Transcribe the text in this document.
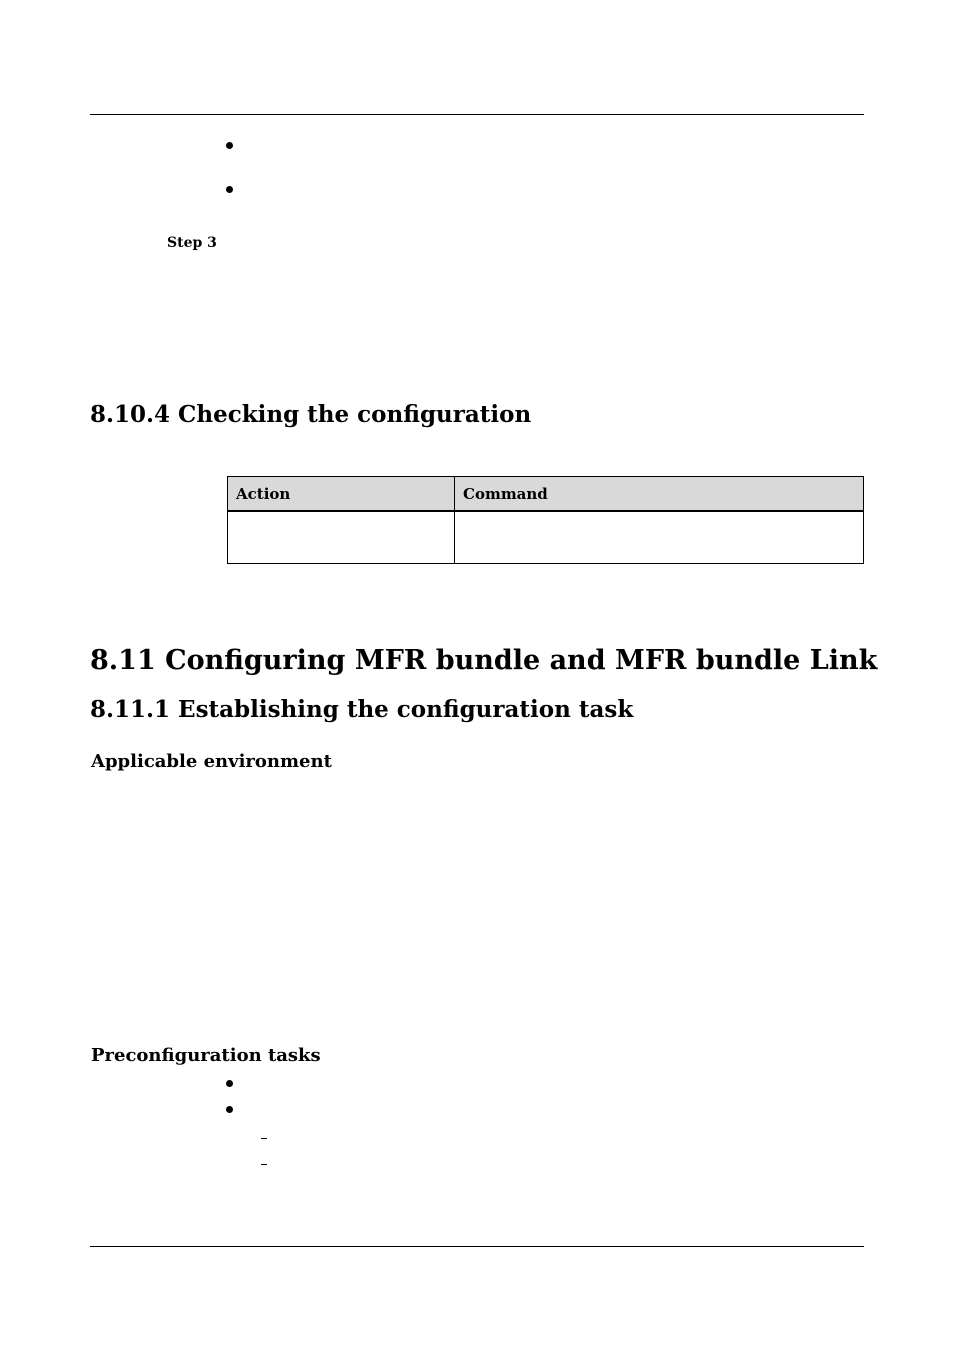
Step 3
8.10.4 Checking the configuration
Action	Command

8.11 Configuring MFR bundle and MFR bundle Link
8.11.1 Establishing the configuration task
Applicable environment
Preconfiguration tasks
